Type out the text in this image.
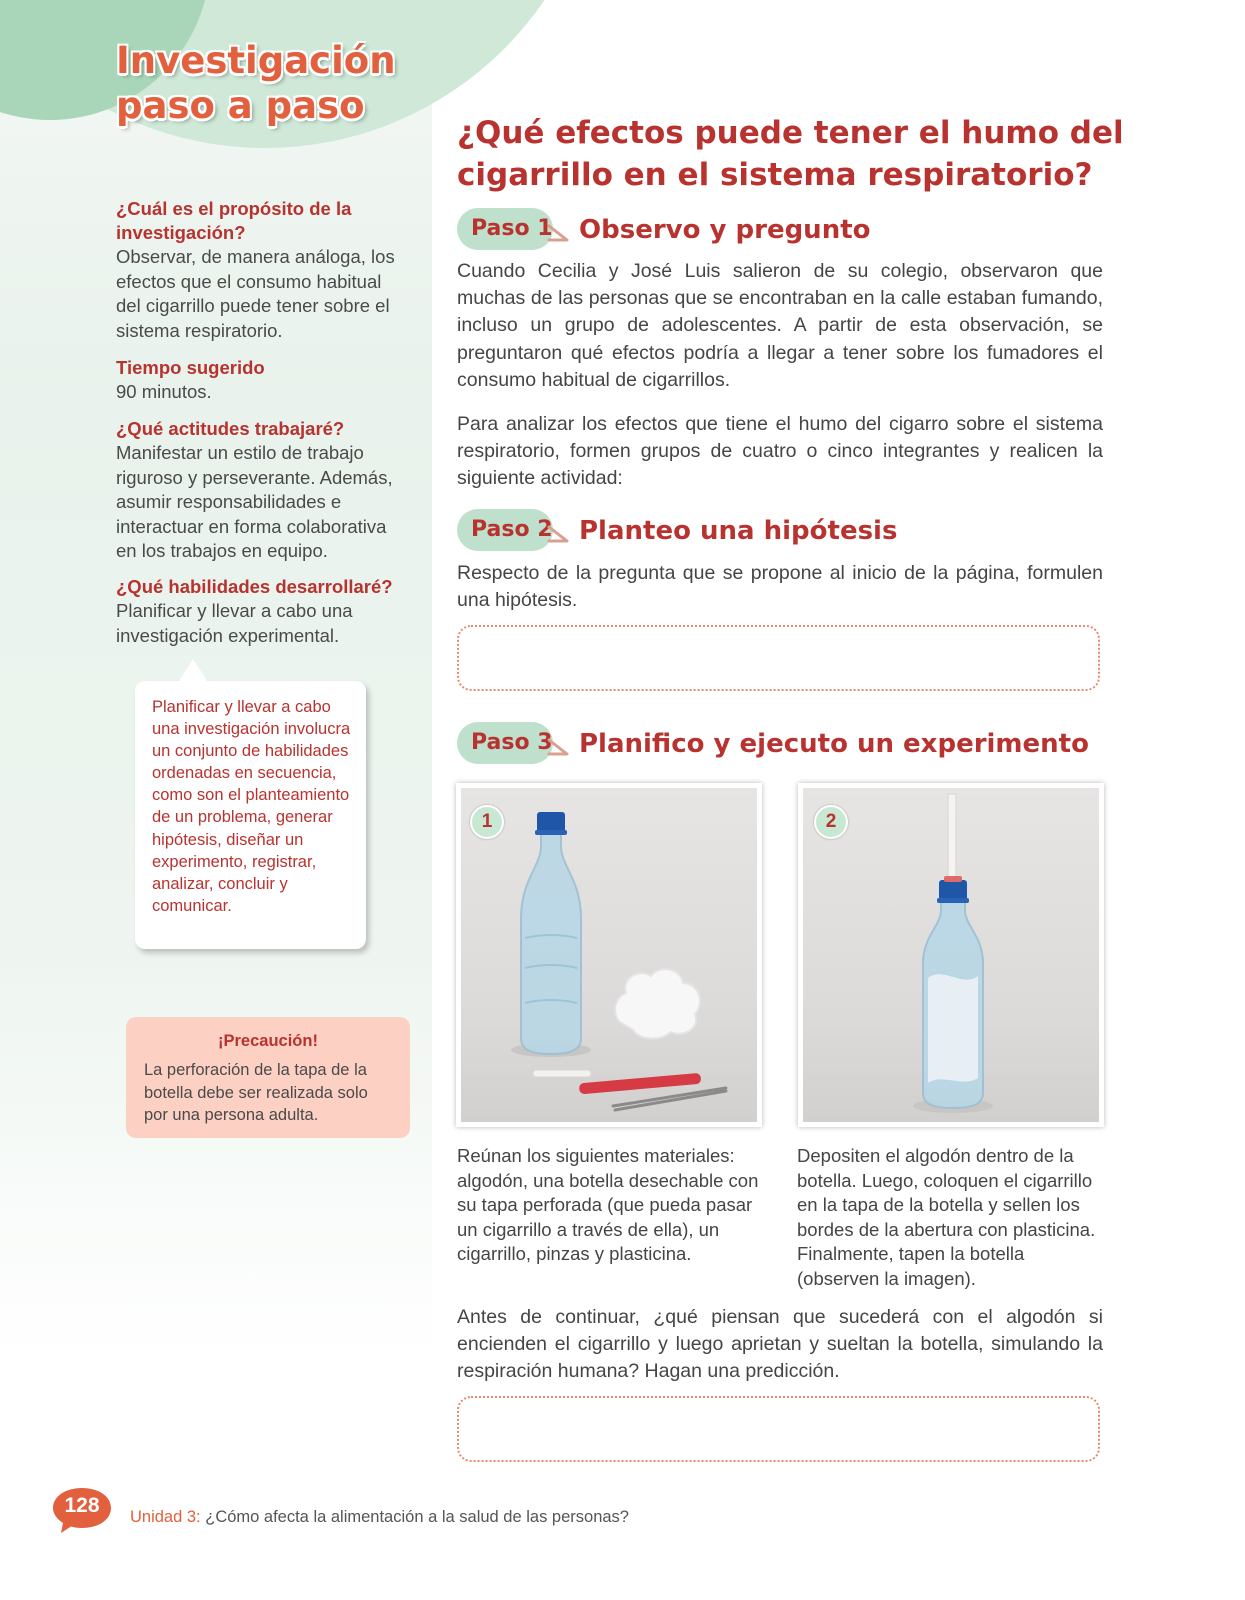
Investigación
paso a paso
¿Cuál es el propósito de la investigación?

Observar, de manera análoga, los efectos que el consumo habitual del cigarrillo puede tener sobre el sistema respiratorio.

Tiempo sugerido

90 minutos.

¿Qué actitudes trabajaré?

Manifestar un estilo de trabajo riguroso y perseverante. Además, asumir responsabilidades e interactuar en forma colaborativa en los trabajos en equipo.

¿Qué habilidades desarrollaré?

Planificar y llevar a cabo una investigación experimental.

Planificar y llevar a cabo una investigación involucra un conjunto de habilidades ordenadas en secuencia, como son el planteamiento de un problema, generar hipótesis, diseñar un experimento, registrar, analizar, concluir y comunicar.

¡Precaución!

La perforación de la tapa de la botella debe ser realizada solo por una persona adulta.

¿Qué efectos puede tener el humo del
cigarrillo en el sistema respiratorio?
Paso 1 Observo y pregunto

Cuando Cecilia y José Luis salieron de su colegio, observaron que muchas de las personas que se encontraban en la calle estaban fumando, incluso un grupo de adolescentes. A partir de esta observación, se preguntaron qué efectos podría a llegar a tener sobre los fumadores el consumo habitual de cigarrillos.

Para analizar los efectos que tiene el humo del cigarro sobre el sistema respiratorio, formen grupos de cuatro o cinco integrantes y realicen la siguiente actividad:

Paso 2 Planteo una hipótesis

Respecto de la pregunta que se propone al inicio de la página, formulen una hipótesis.

Paso 3 Planifico y ejecuto un experimento
1	2

Reúnan los siguientes materiales: algodón, una botella desechable con su tapa perforada (que pueda pasar un cigarrillo a través de ella), un cigarrillo, pinzas y plasticina.

Depositen el algodón dentro de la botella. Luego, coloquen el cigarrillo en la tapa de la botella y sellen los bordes de la abertura con plasticina. Finalmente, tapen la botella (observen la imagen).

Antes de continuar, ¿qué piensan que sucederá con el algodón si encienden el cigarrillo y luego aprietan y sueltan la botella, simulando la respiración humana? Hagan una predicción.

128	Unidad 3: ¿Cómo afecta la alimentación a la salud de las personas?
